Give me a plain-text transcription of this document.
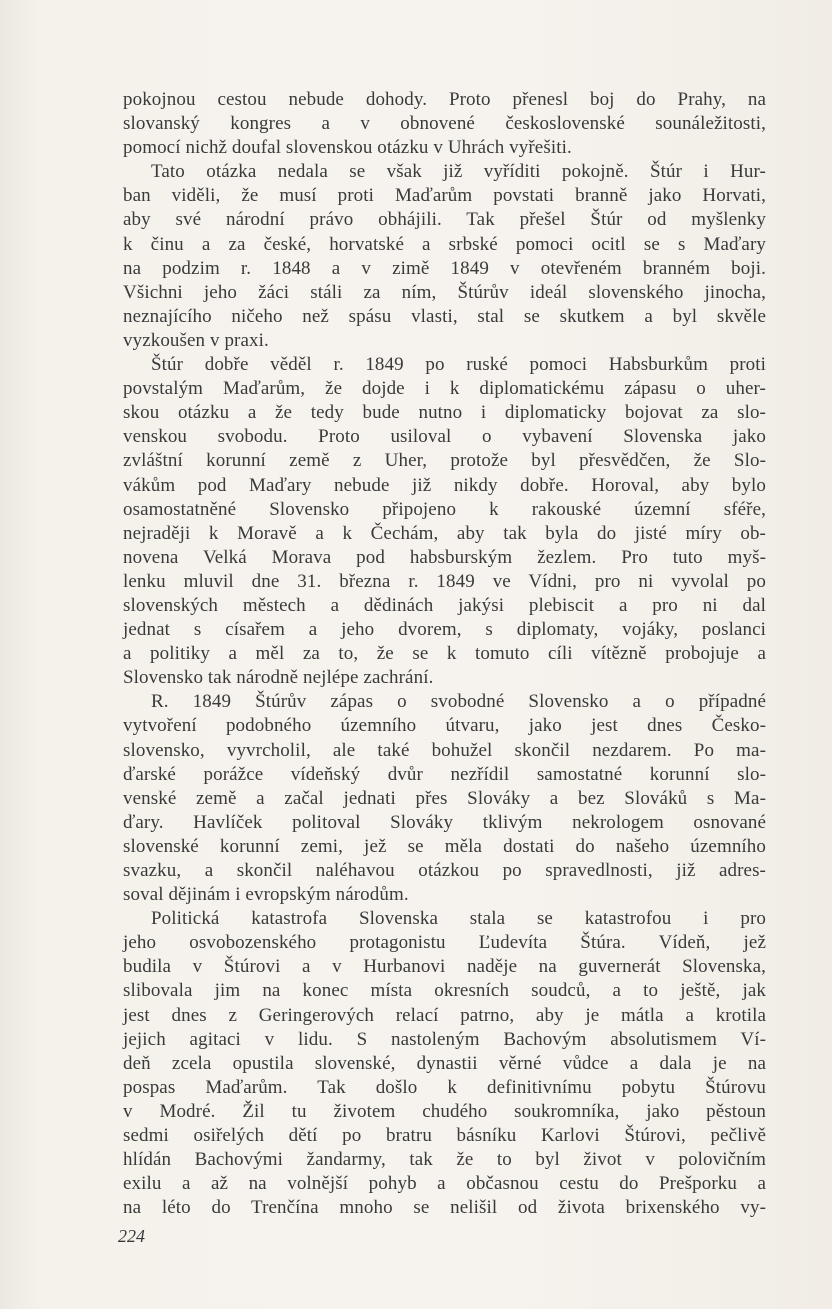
pokojnou cestou nebude dohody. Proto přenesl boj do Prahy, na
slovanský kongres a v obnovené československé sounáležitosti,
pomocí nichž doufal slovenskou otázku v Uhrách vyřešiti.
Tato otázka nedala se však již vyříditi pokojně. Štúr i Hur-
ban viděli, že musí proti Maďarům povstati branně jako Horvati,
aby své národní právo obhájili. Tak přešel Štúr od myšlenky
k činu a za české, horvatské a srbské pomoci ocitl se s Maďary
na podzim r. 1848 a v zimě 1849 v otevřeném branném boji.
Všichni jeho žáci stáli za ním, Štúrův ideál slovenského jinocha,
neznajícího ničeho než spásu vlasti, stal se skutkem a byl skvěle
vyzkoušen v praxi.
Štúr dobře věděl r. 1849 po ruské pomoci Habsburkům proti
povstalým Maďarům, že dojde i k diplomatickému zápasu o uher-
skou otázku a že tedy bude nutno i diplomaticky bojovat za slo-
venskou svobodu. Proto usiloval o vybavení Slovenska jako
zvláštní korunní země z Uher, protože byl přesvědčen, že Slo-
vákům pod Maďary nebude již nikdy dobře. Horoval, aby bylo
osamostatněné Slovensko připojeno k rakouské územní sféře,
nejraději k Moravě a k Čechám, aby tak byla do jisté míry ob-
novena Velká Morava pod habsburským žezlem. Pro tuto myš-
lenku mluvil dne 31. března r. 1849 ve Vídni, pro ni vyvolal po
slovenských městech a dědinách jakýsi plebiscit a pro ni dal
jednat s císařem a jeho dvorem, s diplomaty, vojáky, poslanci
a politiky a měl za to, že se k tomuto cíli vítězně probojuje a
Slovensko tak národně nejlépe zachrání.
R. 1849 Štúrův zápas o svobodné Slovensko a o případné
vytvoření podobného územního útvaru, jako jest dnes Česko-
slovensko, vyvrcholil, ale také bohužel skončil nezdarem. Po ma-
ďarské porážce vídeňský dvůr nezřídil samostatné korunní slo-
venské země a začal jednati přes Slováky a bez Slováků s Ma-
ďary. Havlíček politoval Slováky tklivým nekrologem osnované
slovenské korunní zemi, jež se měla dostati do našeho územního
svazku, a skončil naléhavou otázkou po spravedlnosti, již adres-
soval dějinám i evropským národům.
Politická katastrofa Slovenska stala se katastrofou i pro
jeho osvobozenského protagonistu Ľudevíta Štúra. Vídeň, jež
budila v Štúrovi a v Hurbanovi naděje na guvernerát Slovenska,
slibovala jim na konec místa okresních soudců, a to ještě, jak
jest dnes z Geringerových relací patrno, aby je mátla a krotila
jejich agitaci v lidu. S nastoleným Bachovým absolutismem Ví-
deň zcela opustila slovenské, dynastii věrné vůdce a dala je na
pospas Maďarům. Tak došlo k definitivnímu pobytu Štúrovu
v Modré. Žil tu životem chudého soukromníka, jako pěstoun
sedmi osiřelých dětí po bratru básníku Karlovi Štúrovi, pečlivě
hlídán Bachovými žandarmy, tak že to byl život v polovičním
exilu a až na volnější pohyb a občasnou cestu do Prešporku a
na léto do Trenčína mnoho se nelišil od života brixenského vy-
224
